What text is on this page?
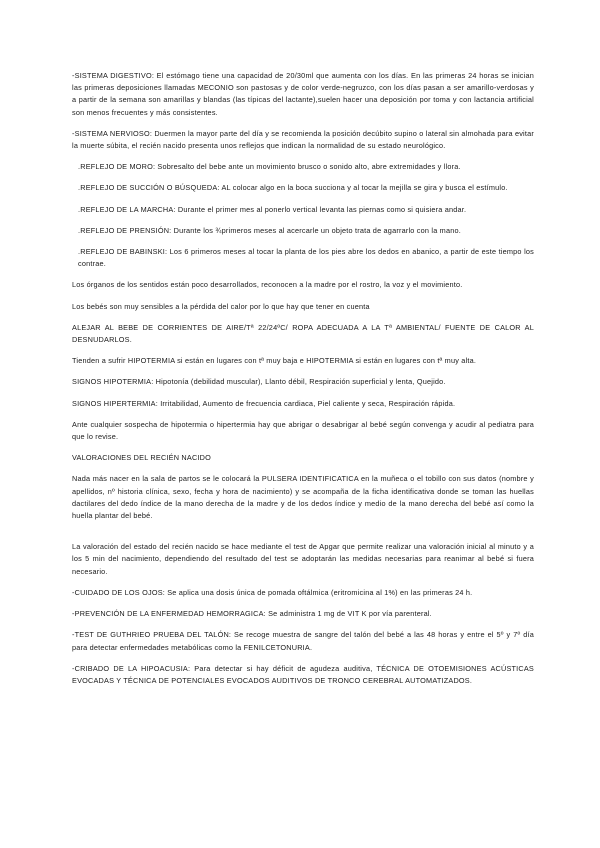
-SISTEMA DIGESTIVO: El estómago tiene una capacidad de 20/30ml que aumenta con los días. En las primeras 24 horas se inician las primeras deposiciones llamadas MECONIO son pastosas y de color verde-negruzco, con los días pasan a ser amarillo-verdosas y a partir de la semana son amarillas y blandas (las típicas del lactante),suelen hacer una deposición por toma y con lactancia artificial son menos frecuentes y más consistentes.

-SISTEMA NERVIOSO: Duermen la mayor parte del día y se recomienda la posición decúbito supino o lateral sin almohada para evitar la muerte súbita, el recién nacido presenta unos reflejos que indican la normalidad de su estado neurológico.

.REFLEJO DE MORO: Sobresalto del bebe ante un movimiento brusco o sonido alto, abre extremidades y llora.

.REFLEJO DE SUCCIÓN O BÚSQUEDA: AL colocar algo en la boca succiona y al tocar la mejilla se gira y busca el estímulo.

.REFLEJO DE LA MARCHA: Durante el primer mes al ponerlo vertical levanta las piernas como si quisiera andar.

.REFLEJO DE PRENSIÓN: Durante los ¾primeros meses al acercarle un objeto trata de agarrarlo con la mano.

.REFLEJO DE BABINSKI: Los 6 primeros meses al tocar la planta de los pies abre los dedos en abanico, a partir de este tiempo los contrae.

Los órganos de los sentidos están poco desarrollados, reconocen a la madre por el rostro, la voz y el movimiento.

Los bebés son muy sensibles a la pérdida del calor por lo que hay que tener en cuenta

ALEJAR AL BEBE DE CORRIENTES DE AIRE/Tª 22/24ºC/ ROPA ADECUADA A LA Tª AMBIENTAL/ FUENTE DE CALOR AL DESNUDARLOS.

Tienden a sufrir HIPOTERMIA si están en lugares con tª muy baja e HIPOTERMIA si están en lugares con tª muy alta.

SIGNOS HIPOTERMIA: Hipotonía (debilidad muscular), Llanto débil, Respiración superficial y lenta, Quejido.

SIGNOS HIPERTERMIA: Irritabilidad, Aumento de frecuencia cardiaca, Piel caliente y seca, Respiración rápida.

Ante cualquier sospecha de hipotermia o hipertermia hay que abrigar o desabrigar al bebé según convenga y acudir al pediatra para que lo revise.

VALORACIONES DEL RECIÉN NACIDO

Nada más nacer en la sala de partos se le colocará la PULSERA IDENTIFICATICA en la muñeca o el tobillo con sus datos (nombre y apellidos, nº historia clínica, sexo, fecha y hora de nacimiento) y se acompaña de la ficha identificativa donde se toman las huellas dactilares del dedo índice de la mano derecha de la madre y de los dedos índice y medio de la mano derecha del bebé así como la huella plantar del bebé.

La valoración del estado del recién nacido se hace mediante el test de Apgar que permite realizar una valoración inicial al minuto y a los 5 min del nacimiento, dependiendo del resultado del test se adoptarán las medidas necesarias para reanimar al bebé si fuera necesario.

-CUIDADO DE LOS OJOS: Se aplica una dosis única de pomada oftálmica (eritromicina al 1%) en las primeras 24 h.

-PREVENCIÓN DE LA ENFERMEDAD HEMORRAGICA: Se administra 1 mg de VIT K por vía parenteral.

-TEST DE GUTHRIEO PRUEBA DEL TALÓN: Se recoge muestra de sangre del talón del bebé a las 48 horas y entre el 5º y 7º día para detectar enfermedades metabólicas como la FENILCETONURIA.

-CRIBADO DE LA HIPOACUSIA: Para detectar si hay déficit de agudeza auditiva, TÉCNICA DE OTOEMISIONES ACÚSTICAS EVOCADAS Y TÉCNICA DE POTENCIALES EVOCADOS AUDITIVOS DE TRONCO CEREBRAL AUTOMATIZADOS.
